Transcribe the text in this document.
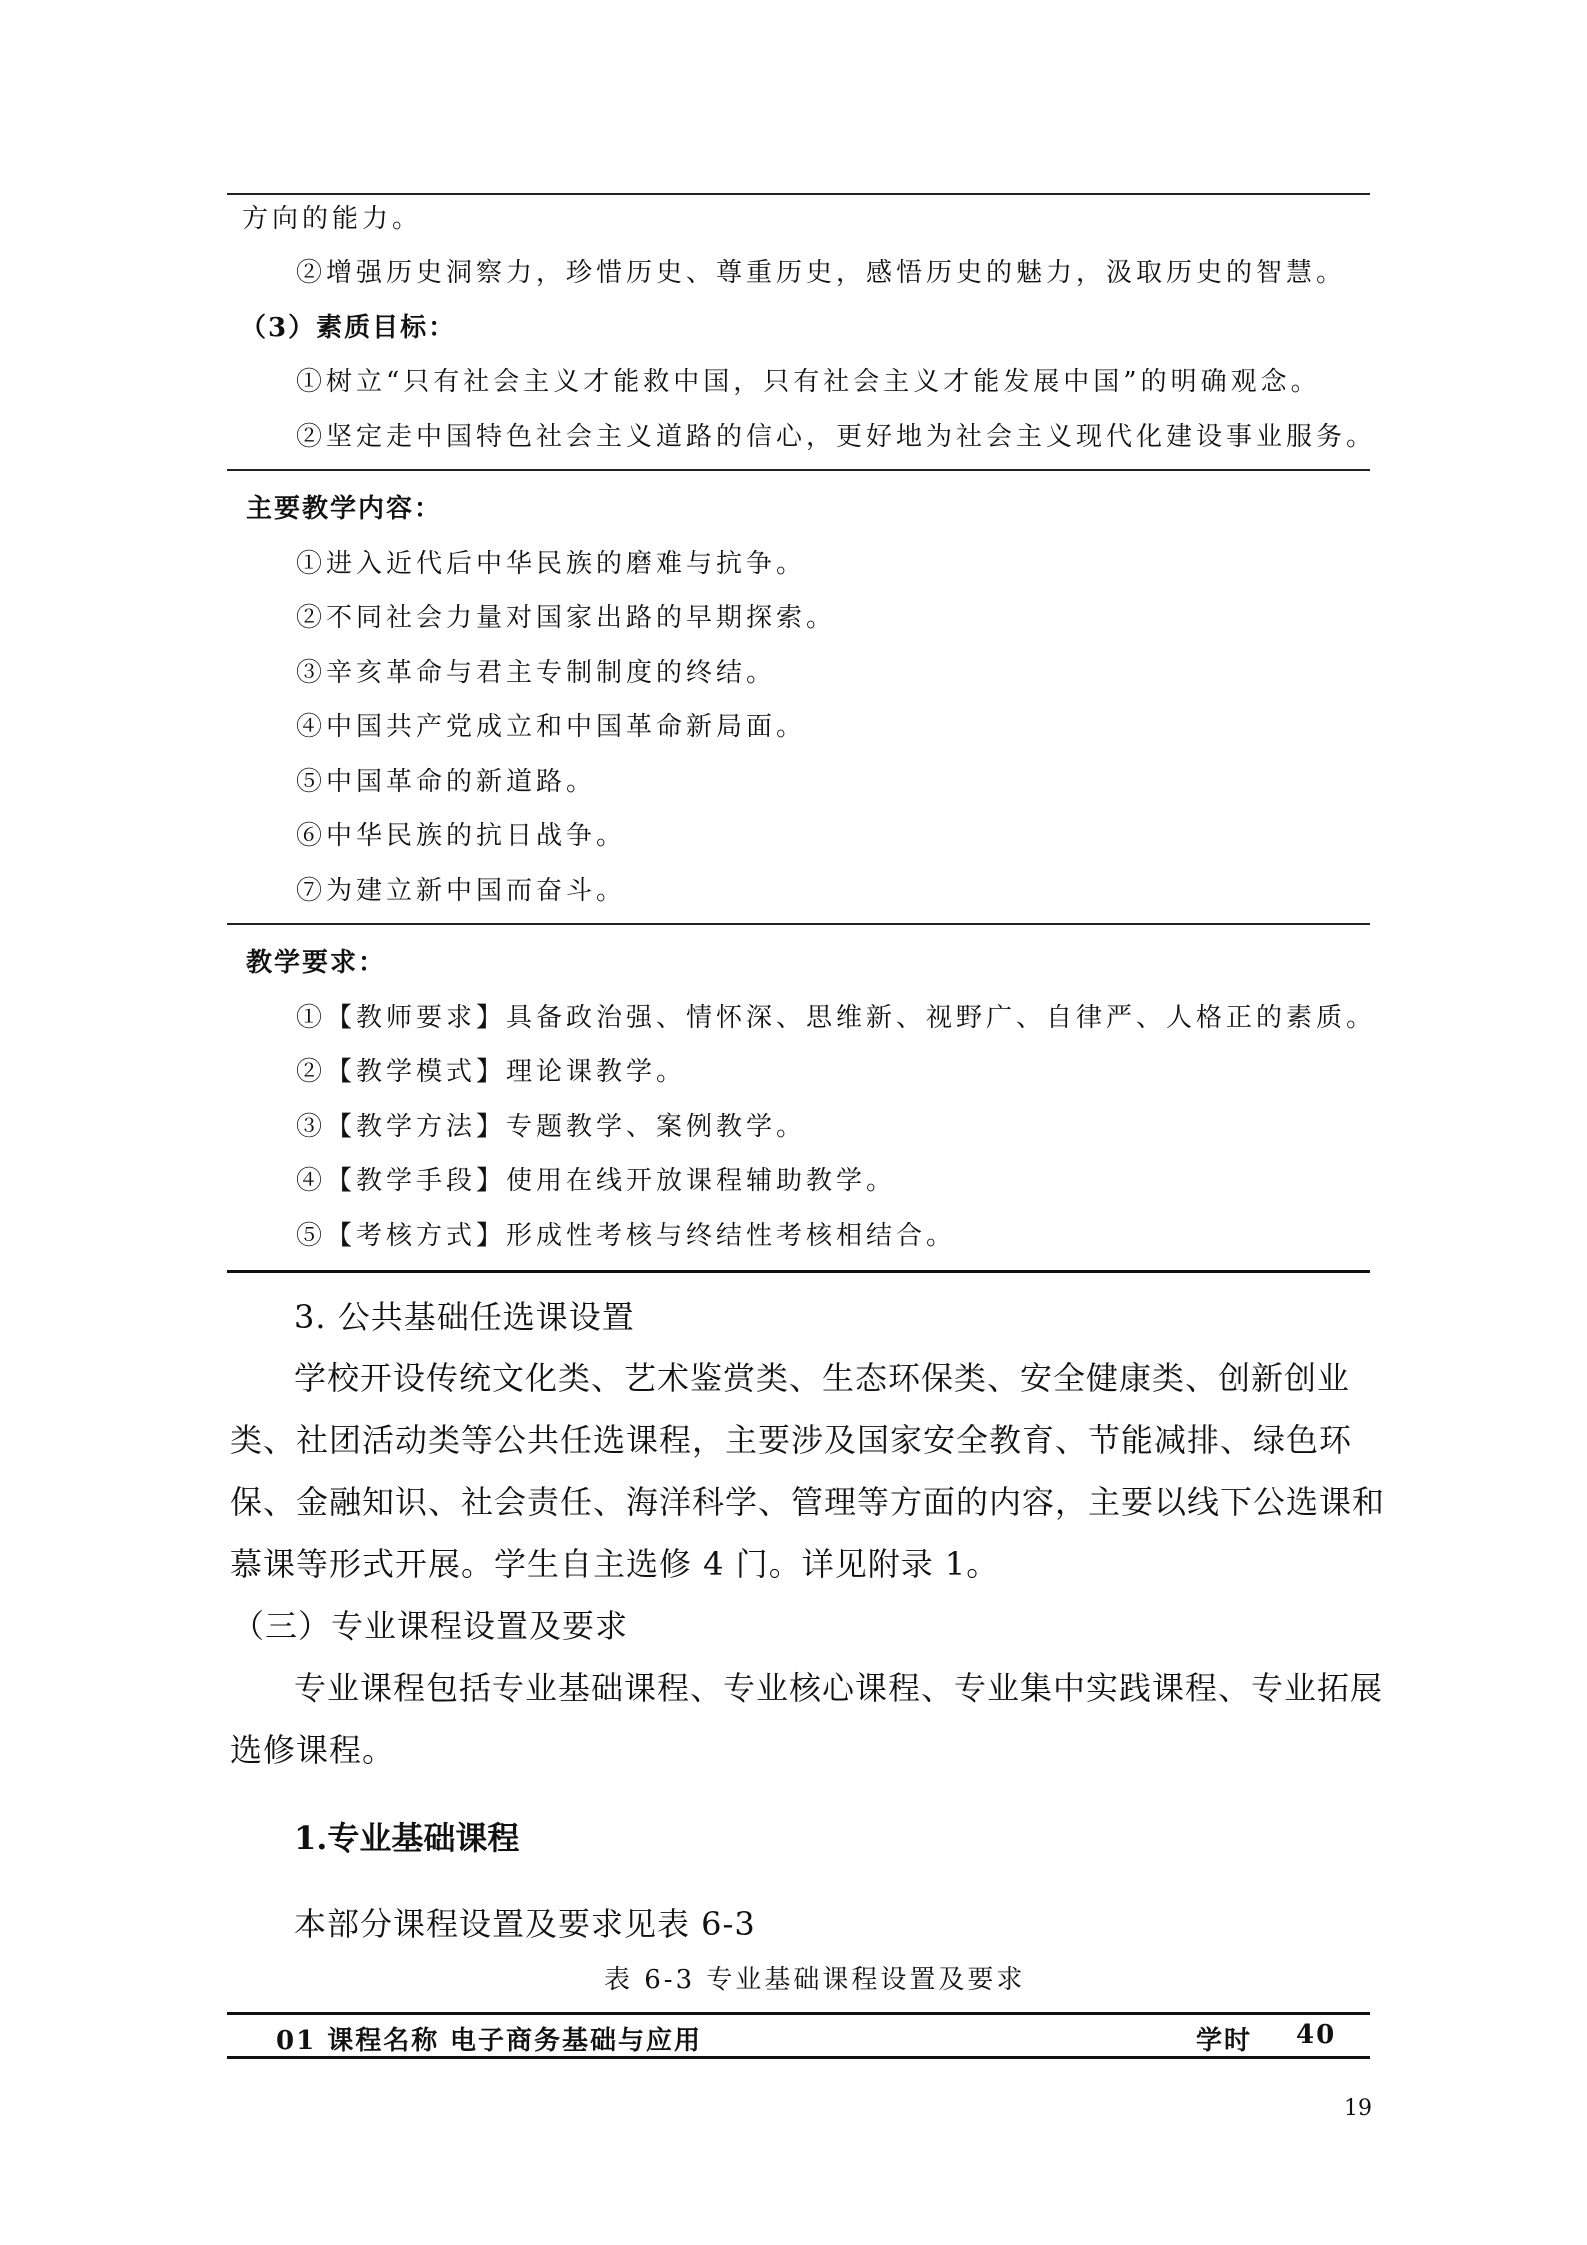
方向的能力。
②增强历史洞察力，珍惜历史、尊重历史，感悟历史的魅力，汲取历史的智慧。
（3）素质目标：
①树立“只有社会主义才能救中国，只有社会主义才能发展中国”的明确观念。
②坚定走中国特色社会主义道路的信心，更好地为社会主义现代化建设事业服务。
主要教学内容：
①进入近代后中华民族的磨难与抗争。
②不同社会力量对国家出路的早期探索。
③辛亥革命与君主专制制度的终结。
④中国共产党成立和中国革命新局面。
⑤中国革命的新道路。
⑥中华民族的抗日战争。
⑦为建立新中国而奋斗。
教学要求：
①【教师要求】具备政治强、情怀深、思维新、视野广、自律严、人格正的素质。
②【教学模式】理论课教学。
③【教学方法】专题教学、案例教学。
④【教学手段】使用在线开放课程辅助教学。
⑤【考核方式】形成性考核与终结性考核相结合。
3. 公共基础任选课设置
学校开设传统文化类、艺术鉴赏类、生态环保类、安全健康类、创新创业
类、社团活动类等公共任选课程，主要涉及国家安全教育、节能减排、绿色环
保、金融知识、社会责任、海洋科学、管理等方面的内容，主要以线下公选课和
慕课等形式开展。学生自主选修 4 门。详见附录 1。
（三）专业课程设置及要求
专业课程包括专业基础课程、专业核心课程、专业集中实践课程、专业拓展
选修课程。
1.专业基础课程
本部分课程设置及要求见表 6-3
表 6-3 专业基础课程设置及要求
01 课程名称 电子商务基础与应用	学时 40
19
